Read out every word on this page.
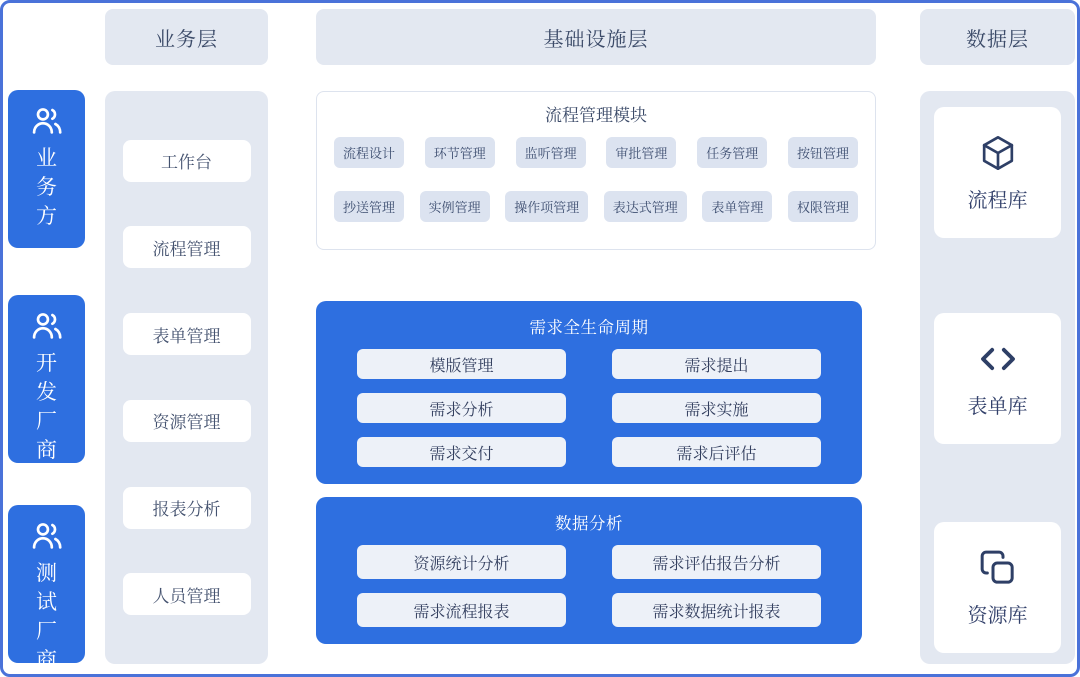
业务层	基础设施层	数据层
业务方
开发厂商
测试厂商
工作台
流程管理
表单管理
资源管理
报表分析
人员管理
流程管理模块
流程设计	环节管理	监听管理	审批管理	任务管理	按钮管理
抄送管理	实例管理	操作项管理	表达式管理	表单管理	权限管理
需求全生命周期
模版管理	需求提出
需求分析	需求实施
需求交付	需求后评估
数据分析
资源统计分析	需求评估报告分析
需求流程报表	需求数据统计报表
流程库
表单库
资源库
